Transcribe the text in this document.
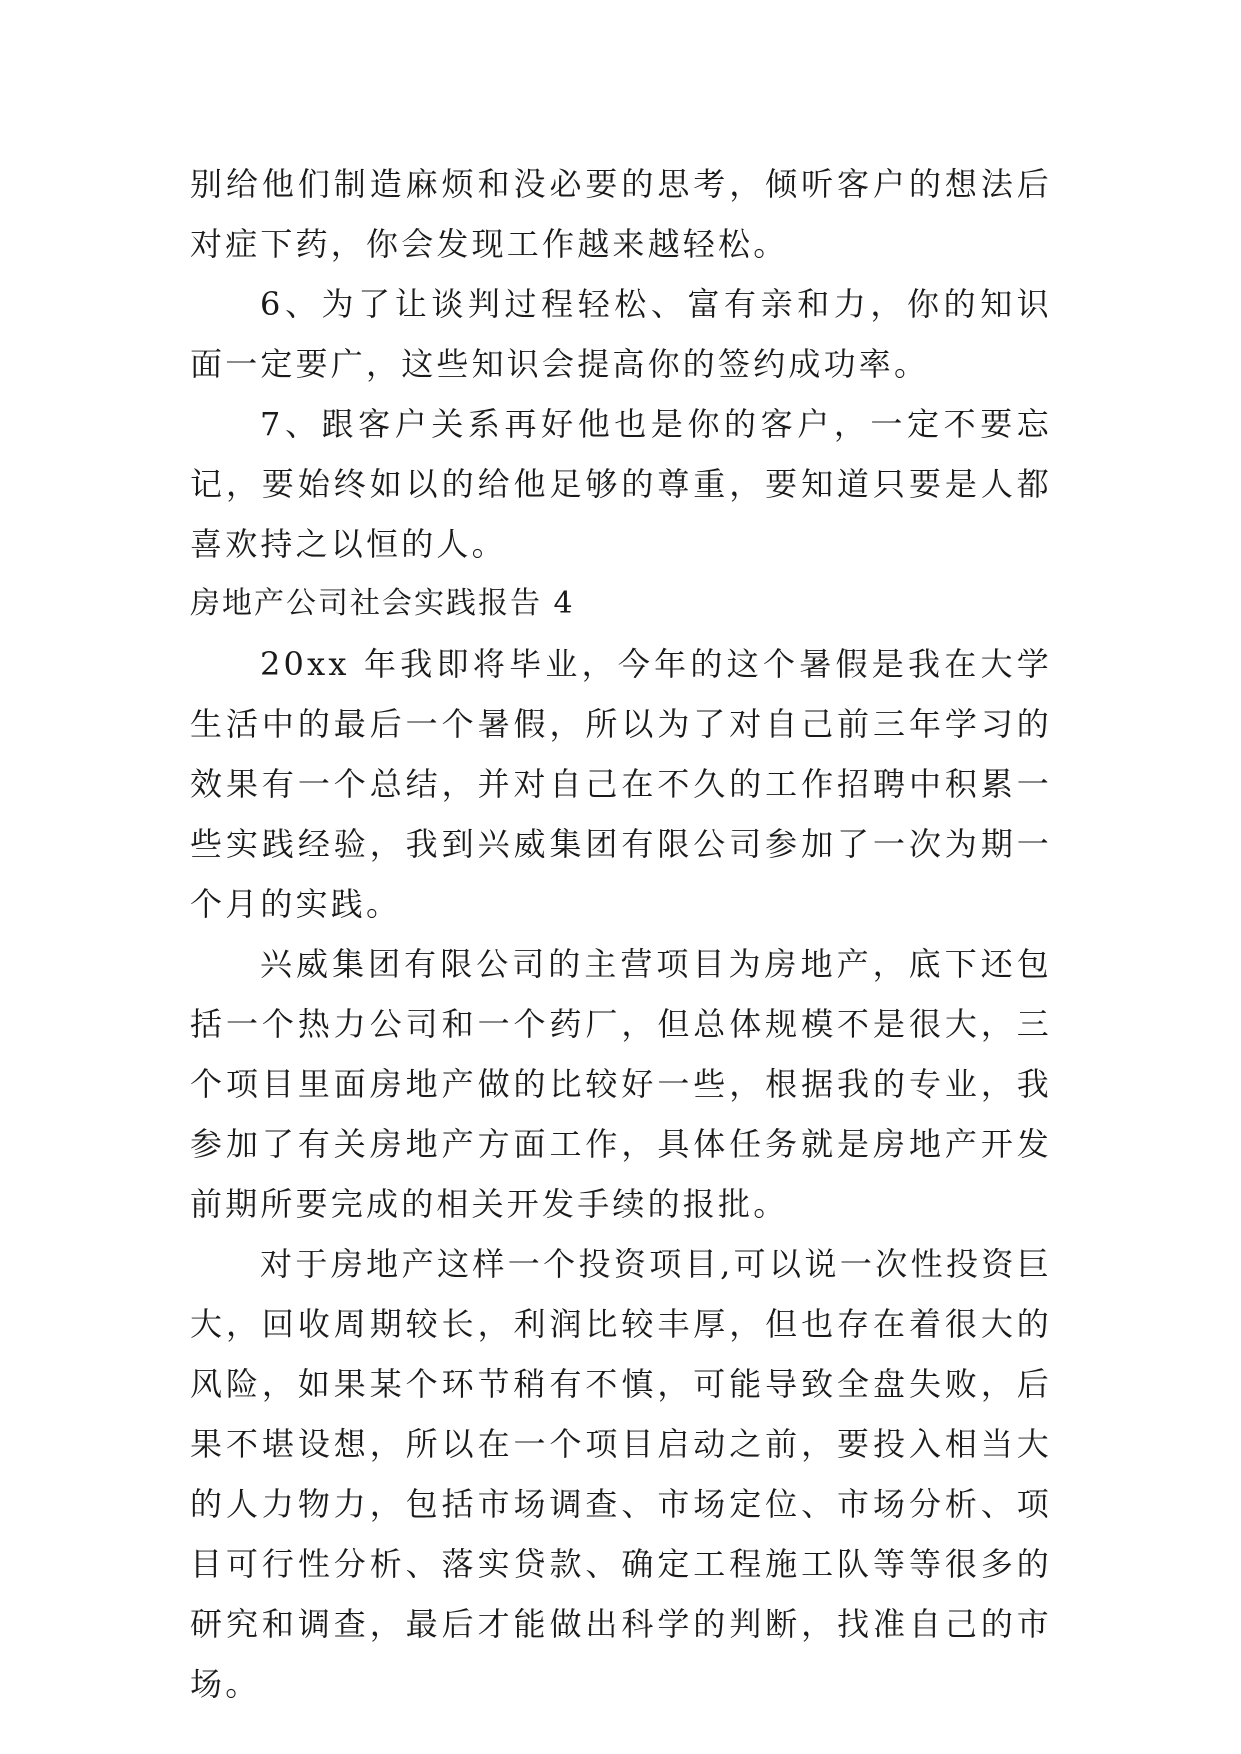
别给他们制造麻烦和没必要的思考，倾听客户的想法后对症下药，你会发现工作越来越轻松。

6、为了让谈判过程轻松、富有亲和力，你的知识面一定要广，这些知识会提高你的签约成功率。

7、跟客户关系再好他也是你的客户，一定不要忘记，要始终如以的给他足够的尊重，要知道只要是人都喜欢持之以恒的人。

房地产公司社会实践报告 4

20xx 年我即将毕业，今年的这个暑假是我在大学生活中的最后一个暑假，所以为了对自己前三年学习的效果有一个总结，并对自己在不久的工作招聘中积累一些实践经验，我到兴威集团有限公司参加了一次为期一个月的实践。

兴威集团有限公司的主营项目为房地产，底下还包括一个热力公司和一个药厂，但总体规模不是很大，三个项目里面房地产做的比较好一些，根据我的专业，我参加了有关房地产方面工作，具体任务就是房地产开发前期所要完成的相关开发手续的报批。

对于房地产这样一个投资项目,可以说一次性投资巨大，回收周期较长，利润比较丰厚，但也存在着很大的风险，如果某个环节稍有不慎，可能导致全盘失败，后果不堪设想，所以在一个项目启动之前，要投入相当大的人力物力，包括市场调查、市场定位、市场分析、项目可行性分析、落实贷款、确定工程施工队等等很多的研究和调查，最后才能做出科学的判断，找准自己的市场。
